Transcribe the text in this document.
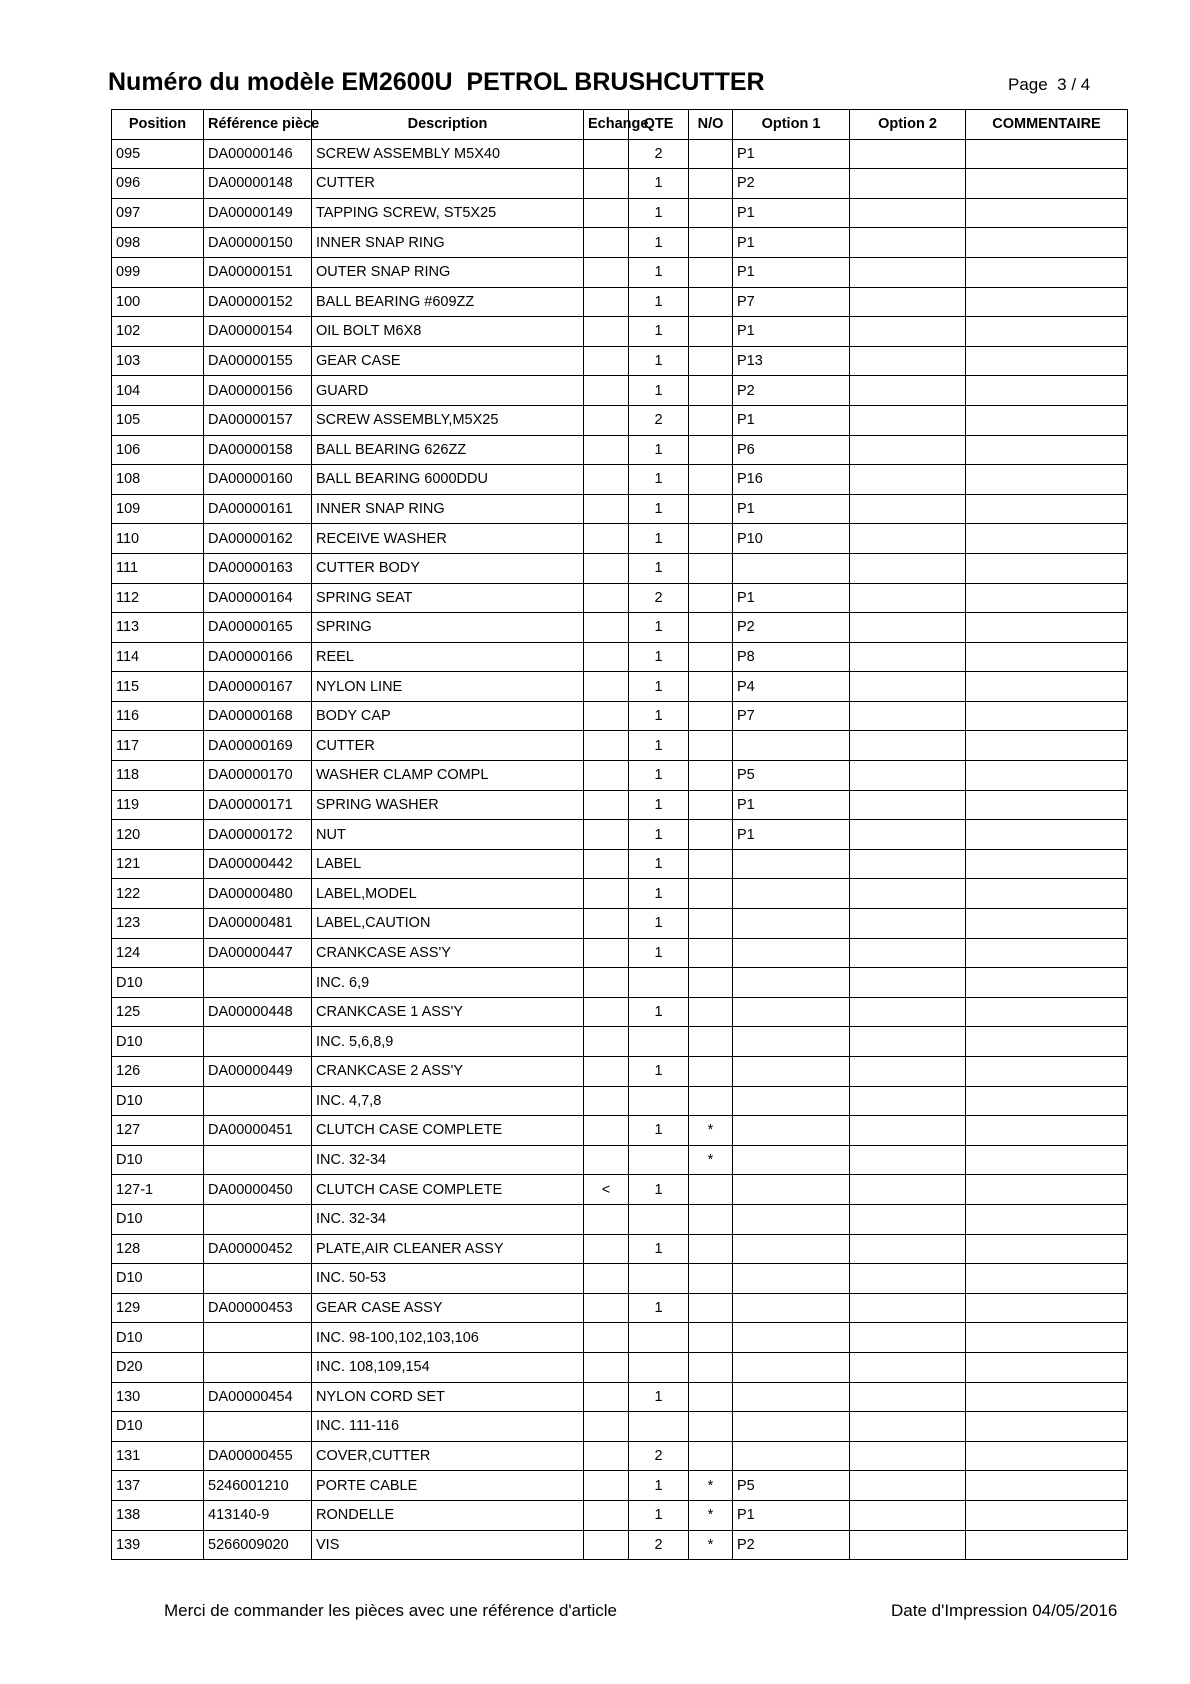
Numéro du modèle EM2600U  PETROL BRUSHCUTTER	Page  3 / 4
Position	Référence pièce	Description	Echange	QTE	N/O	Option 1	Option 2	COMMENTAIRE
095	DA00000146	SCREW ASSEMBLY M5X40		2		P1		
096	DA00000148	CUTTER		1		P2		
097	DA00000149	TAPPING SCREW, ST5X25		1		P1		
098	DA00000150	INNER SNAP RING		1		P1		
099	DA00000151	OUTER SNAP RING		1		P1		
100	DA00000152	BALL BEARING #609ZZ		1		P7		
102	DA00000154	OIL BOLT M6X8		1		P1		
103	DA00000155	GEAR CASE		1		P13		
104	DA00000156	GUARD		1		P2		
105	DA00000157	SCREW ASSEMBLY,M5X25		2		P1		
106	DA00000158	BALL BEARING 626ZZ		1		P6		
108	DA00000160	BALL BEARING 6000DDU		1		P16		
109	DA00000161	INNER SNAP RING		1		P1		
110	DA00000162	RECEIVE WASHER		1		P10		
111	DA00000163	CUTTER BODY		1				
112	DA00000164	SPRING SEAT		2		P1		
113	DA00000165	SPRING		1		P2		
114	DA00000166	REEL		1		P8		
115	DA00000167	NYLON LINE		1		P4		
116	DA00000168	BODY CAP		1		P7		
117	DA00000169	CUTTER		1				
118	DA00000170	WASHER CLAMP COMPL		1		P5		
119	DA00000171	SPRING WASHER		1		P1		
120	DA00000172	NUT		1		P1		
121	DA00000442	LABEL		1				
122	DA00000480	LABEL,MODEL		1				
123	DA00000481	LABEL,CAUTION		1				
124	DA00000447	CRANKCASE ASS'Y		1				
D10		INC. 6,9						
125	DA00000448	CRANKCASE 1 ASS'Y		1				
D10		INC. 5,6,8,9						
126	DA00000449	CRANKCASE 2 ASS'Y		1				
D10		INC. 4,7,8						
127	DA00000451	CLUTCH CASE COMPLETE		1	*			
D10		INC. 32-34			*			
127-1	DA00000450	CLUTCH CASE COMPLETE	<	1				
D10		INC. 32-34						
128	DA00000452	PLATE,AIR CLEANER ASSY		1				
D10		INC. 50-53						
129	DA00000453	GEAR CASE ASSY		1				
D10		INC. 98-100,102,103,106						
D20		INC. 108,109,154						
130	DA00000454	NYLON CORD SET		1				
D10		INC. 111-116						
131	DA00000455	COVER,CUTTER		2				
137	5246001210	PORTE CABLE		1	*	P5		
138	413140-9	RONDELLE		1	*	P1		
139	5266009020	VIS		2	*	P2		
Merci de commander les pièces avec une référence d'article	Date d'Impression 04/05/2016
